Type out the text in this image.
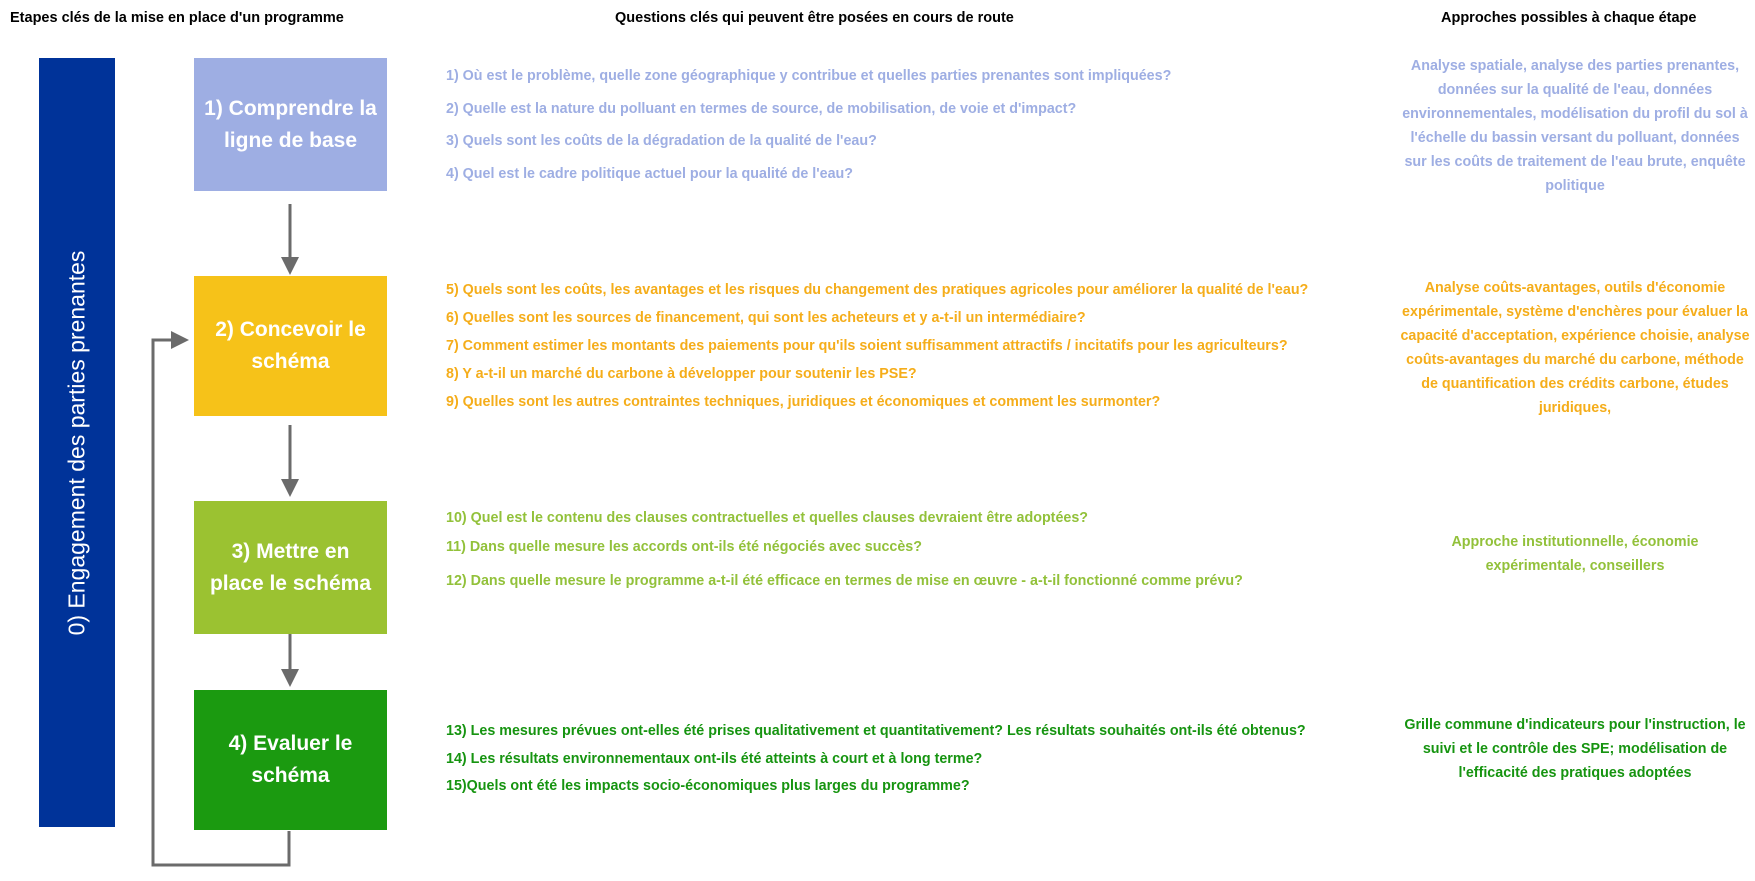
Etapes clés de la mise en place d'un programme	Questions clés qui peuvent être posées en cours de route	Approches possibles à chaque étape
0) Engagement des parties prenantes
1) Comprendre la ligne de base
2) Concevoir le schéma
3) Mettre en place le schéma
4) Evaluer le schéma
1) Où est le problème, quelle zone géographique y contribue et quelles parties prenantes sont impliquées?
2) Quelle est la nature du polluant en termes de source, de mobilisation, de voie et d'impact?
3) Quels sont les coûts de la dégradation de la qualité de l'eau?
4) Quel est le cadre politique actuel pour la qualité de l'eau?
5) Quels sont les coûts, les avantages et les risques du changement des pratiques agricoles pour améliorer la qualité de l'eau?
6) Quelles sont les sources de financement, qui sont les acheteurs et y a-t-il un intermédiaire?
7) Comment estimer les montants des paiements pour qu'ils soient suffisamment attractifs / incitatifs pour les agriculteurs?
8) Y a-t-il un marché du carbone à développer pour soutenir les PSE?
9) Quelles sont les autres contraintes techniques, juridiques et économiques et comment les surmonter?
10) Quel est le contenu des clauses contractuelles et quelles clauses devraient être adoptées?
11) Dans quelle mesure les accords ont-ils été négociés avec succès?
12) Dans quelle mesure le programme a-t-il été efficace en termes de mise en œuvre - a-t-il fonctionné comme prévu?
13) Les mesures prévues ont-elles été prises qualitativement et quantitativement? Les résultats souhaités ont-ils été obtenus?
14) Les résultats environnementaux ont-ils été atteints à court et à long terme?
15)Quels ont été les impacts socio-économiques plus larges du programme?
Analyse spatiale, analyse des parties prenantes, données sur la qualité de l'eau, données environnementales, modélisation du profil du sol à l'échelle du bassin versant du polluant, données sur les coûts de traitement de l'eau brute, enquête politique
Analyse coûts-avantages, outils d'économie expérimentale, système d'enchères pour évaluer la capacité d'acceptation, expérience choisie, analyse coûts-avantages du marché du carbone, méthode de quantification des crédits carbone, études juridiques,
Approche institutionnelle, économie expérimentale, conseillers
Grille commune d'indicateurs pour l'instruction, le suivi et le contrôle des SPE; modélisation de l'efficacité des pratiques adoptées
